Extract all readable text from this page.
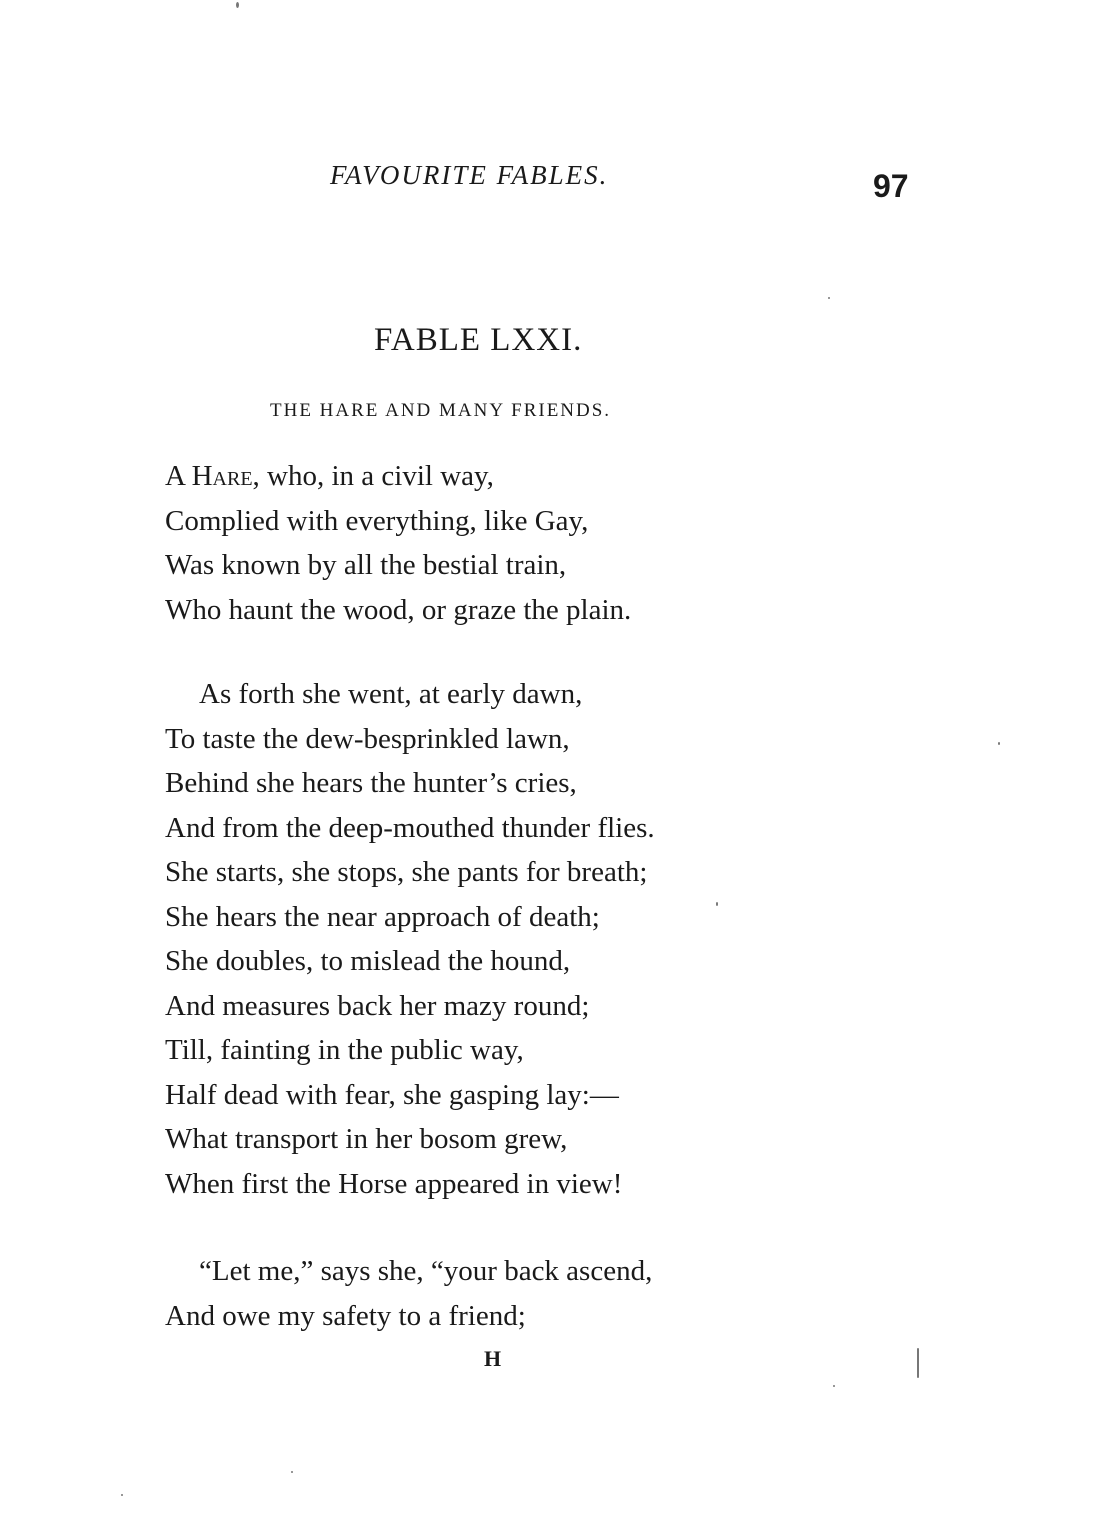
FAVOURITE FABLES.	97
FABLE LXXI.
THE HARE AND MANY FRIENDS.
A Hare, who, in a civil way,
Complied with everything, like Gay,
Was known by all the bestial train,
Who haunt the wood, or graze the plain.
As forth she went, at early dawn,
To taste the dew-besprinkled lawn,
Behind she hears the hunter’s cries,
And from the deep-mouthed thunder flies.
She starts, she stops, she pants for breath;
She hears the near approach of death;
She doubles, to mislead the hound,
And measures back her mazy round;
Till, fainting in the public way,
Half dead with fear, she gasping lay:—
What transport in her bosom grew,
When first the Horse appeared in view!
“Let me,” says she, “your back ascend,
And owe my safety to a friend;
H
